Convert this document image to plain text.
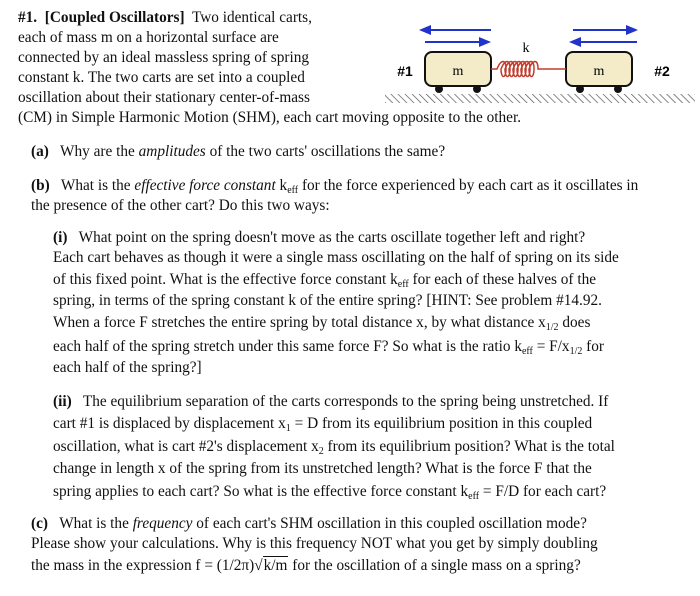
#1. [Coupled Oscillators] Two identical carts,
each of mass m on a horizontal surface are
connected by an ideal massless spring of spring
constant k. The two carts are set into a coupled
oscillation about their stationary center-of-mass
(CM) in Simple Harmonic Motion (SHM), each cart moving opposite to the other.
k
#1	#2
m	m
(a) Why are the amplitudes of the two carts' oscillations the same?
(b) What is the effective force constant $k_{eff}$ for the force experienced by each cart as it oscillates in
the presence of the other cart? Do this two ways:
(i) What point on the spring doesn't move as the carts oscillate together left and right?
Each cart behaves as though it were a single mass oscillating on the half of spring on its side
of this fixed point. What is the effective force constant $k_{eff}$ for each of these halves of the
spring, in terms of the spring constant k of the entire spring? [HINT: See problem #14.92.
When a force F stretches the entire spring by total distance x, by what distance $x_{1/2}$ does
each half of the spring stretch under this same force F? So what is the ratio $k_{eff} = F/x_{1/2}$ for
each half of the spring?]
(ii) The equilibrium separation of the carts corresponds to the spring being unstretched. If
cart #1 is displaced by displacement $x_1 = D$ from its equilibrium position in this coupled
oscillation, what is cart #2's displacement $x_2$ from its equilibrium position? What is the total
change in length x of the spring from its unstretched length? What is the force F that the
spring applies to each cart? So what is the effective force constant $k_{eff} = F/D$ for each cart?
(c) What is the frequency of each cart's SHM oscillation in this coupled oscillation mode?
Please show your calculations. Why is this frequency NOT what you get by simply doubling
the mass in the expression f = (1/2π)√k/m for the oscillation of a single mass on a spring?
